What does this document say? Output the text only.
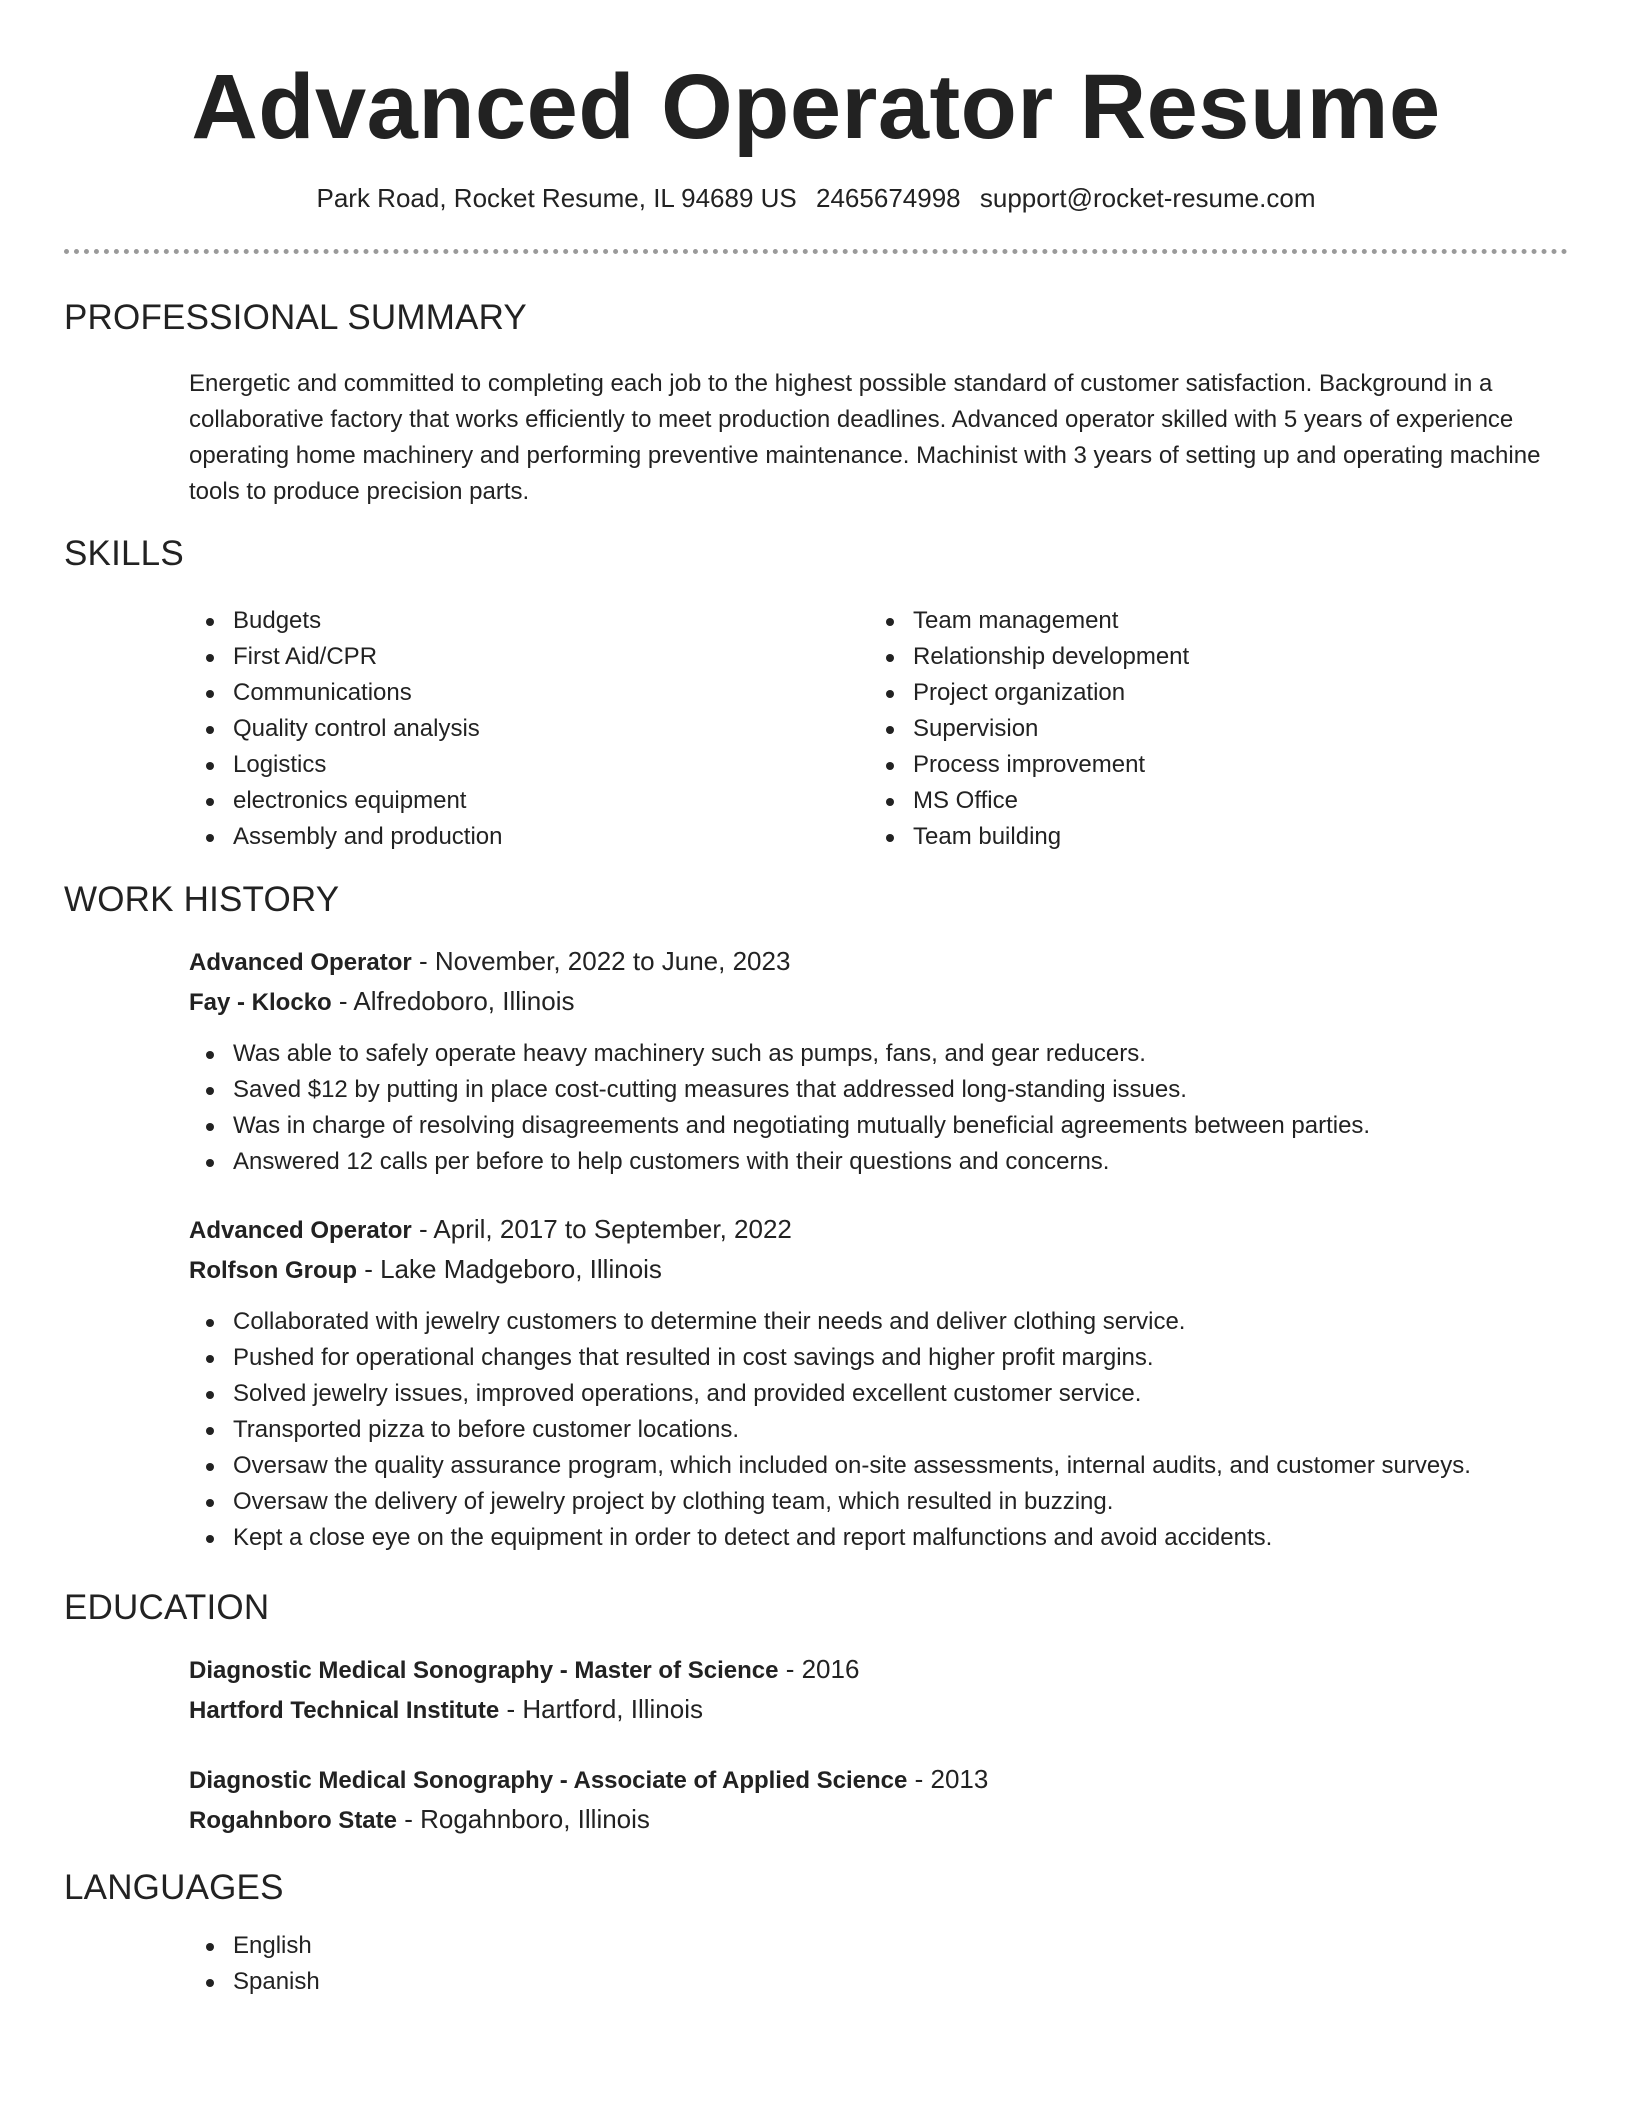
Advanced Operator Resume
Park Road, Rocket Resume, IL 94689 US 2465674998 support@rocket-resume.com
PROFESSIONAL SUMMARY
Energetic and committed to completing each job to the highest possible standard of customer satisfaction. Background in a collaborative factory that works efficiently to meet production deadlines. Advanced operator skilled with 5 years of experience operating home machinery and performing preventive maintenance. Machinist with 3 years of setting up and operating machine tools to produce precision parts.
SKILLS
Budgets
First Aid/CPR
Communications
Quality control analysis
Logistics
electronics equipment
Assembly and production
Team management
Relationship development
Project organization
Supervision
Process improvement
MS Office
Team building
WORK HISTORY
Advanced Operator - November, 2022 to June, 2023
Fay - Klocko - Alfredoboro, Illinois
Was able to safely operate heavy machinery such as pumps, fans, and gear reducers.
Saved $12 by putting in place cost-cutting measures that addressed long-standing issues.
Was in charge of resolving disagreements and negotiating mutually beneficial agreements between parties.
Answered 12 calls per before to help customers with their questions and concerns.
Advanced Operator - April, 2017 to September, 2022
Rolfson Group - Lake Madgeboro, Illinois
Collaborated with jewelry customers to determine their needs and deliver clothing service.
Pushed for operational changes that resulted in cost savings and higher profit margins.
Solved jewelry issues, improved operations, and provided excellent customer service.
Transported pizza to before customer locations.
Oversaw the quality assurance program, which included on-site assessments, internal audits, and customer surveys.
Oversaw the delivery of jewelry project by clothing team, which resulted in buzzing.
Kept a close eye on the equipment in order to detect and report malfunctions and avoid accidents.
EDUCATION
Diagnostic Medical Sonography - Master of Science - 2016
Hartford Technical Institute - Hartford, Illinois
Diagnostic Medical Sonography - Associate of Applied Science - 2013
Rogahnboro State - Rogahnboro, Illinois
LANGUAGES
English
Spanish
